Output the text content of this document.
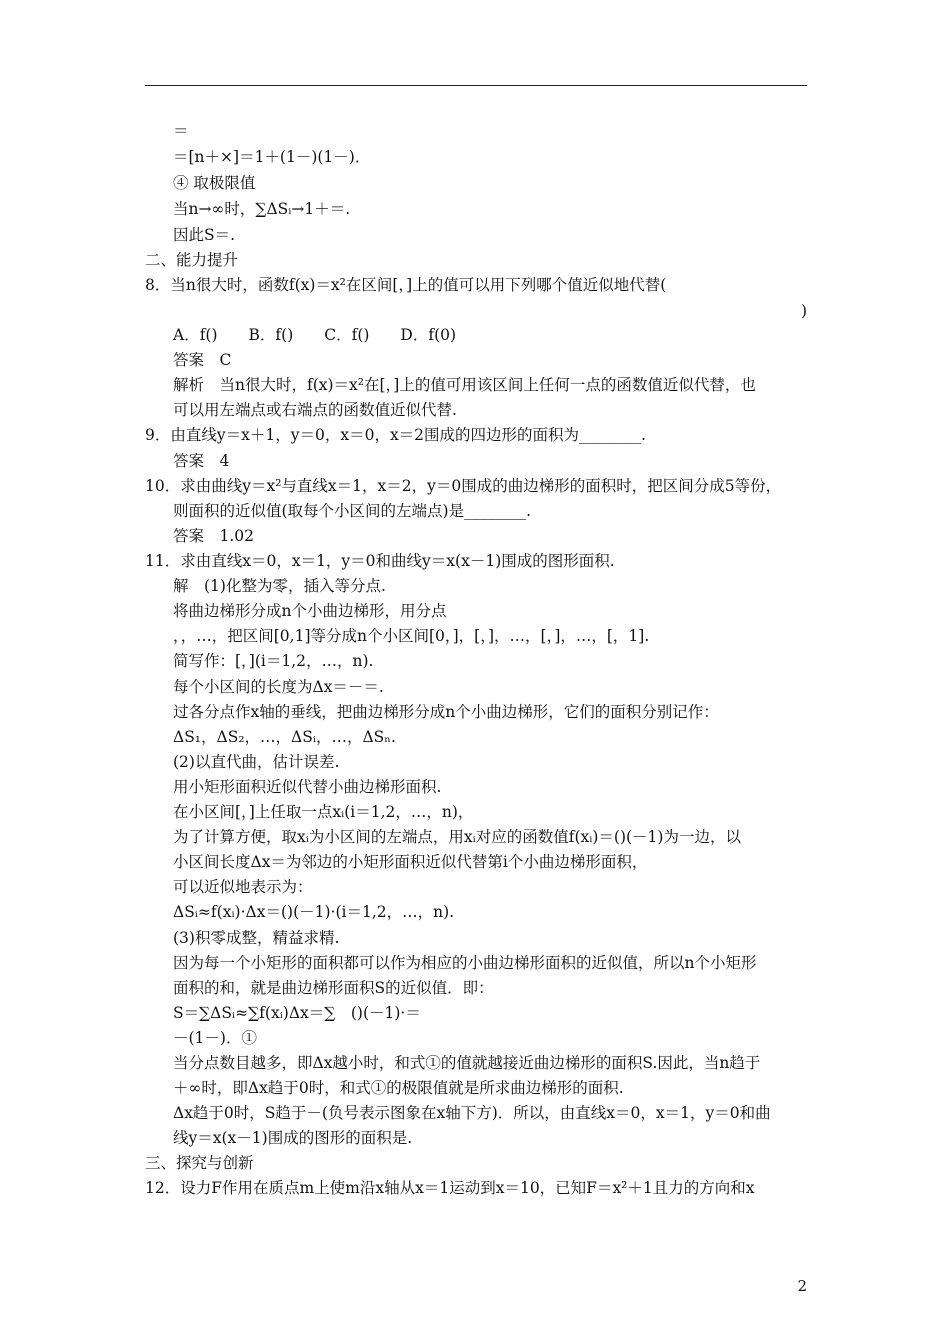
＝
＝[n＋×]＝1＋(1－)(1－)．
④ 取极限值
当n→∞时，∑ΔSᵢ→1＋＝.
因此S＝.
二、能力提升
8．当n很大时，函数f(x)＝x²在区间[，]上的值可以用下列哪个值近似地代替(
)
A．f()　　B．f()　　C．f()　　D．f(0)
答案　C
解析　当n很大时，f(x)＝x²在[，]上的值可用该区间上任何一点的函数值近似代替，也
可以用左端点或右端点的函数值近似代替.
9．由直线y＝x＋1，y＝0，x＝0，x＝2围成的四边形的面积为________.
答案　4
10．求由曲线y＝x²与直线x＝1，x＝2，y＝0围成的曲边梯形的面积时，把区间分成5等份，
则面积的近似值(取每个小区间的左端点)是________.
答案　1.02
11．求由直线x＝0，x＝1，y＝0和曲线y＝x(x－1)围成的图形面积.
解　(1)化整为零，插入等分点.
将曲边梯形分成n个小曲边梯形，用分点
，，…，把区间[0,1]等分成n个小区间[0，]，[，]，…，[，]，…，[，1].
简写作：[，](i＝1,2，…，n).
每个小区间的长度为Δx＝－＝.
过各分点作x轴的垂线，把曲边梯形分成n个小曲边梯形，它们的面积分别记作：
ΔS₁，ΔS₂，…，ΔSᵢ，…，ΔSₙ.
(2)以直代曲，估计误差.
用小矩形面积近似代替小曲边梯形面积.
在小区间[，]上任取一点xᵢ(i＝1,2，…，n)，
为了计算方便，取xᵢ为小区间的左端点，用xᵢ对应的函数值f(xᵢ)＝()(－1)为一边，以
小区间长度Δx＝为邻边的小矩形面积近似代替第i个小曲边梯形面积，
可以近似地表示为：
ΔSᵢ≈f(xᵢ)·Δx＝()(－1)·(i＝1,2，…，n).
(3)积零成整，精益求精.
因为每一个小矩形的面积都可以作为相应的小曲边梯形面积的近似值，所以n个小矩形
面积的和，就是曲边梯形面积S的近似值．即：
S＝∑ΔSᵢ≈∑f(xᵢ)Δx＝∑　()(－1)·＝
－(1－)．①
当分点数目越多，即Δx越小时，和式①的值就越接近曲边梯形的面积S.因此，当n趋于
＋∞时，即Δx趋于0时，和式①的极限值就是所求曲边梯形的面积.
Δx趋于0时，S趋于－(负号表示图象在x轴下方)．所以，由直线x＝0，x＝1，y＝0和曲
线y＝x(x－1)围成的图形的面积是.
三、探究与创新
12．设力F作用在质点m上使m沿x轴从x＝1运动到x＝10，已知F＝x²＋1且力的方向和x
2
